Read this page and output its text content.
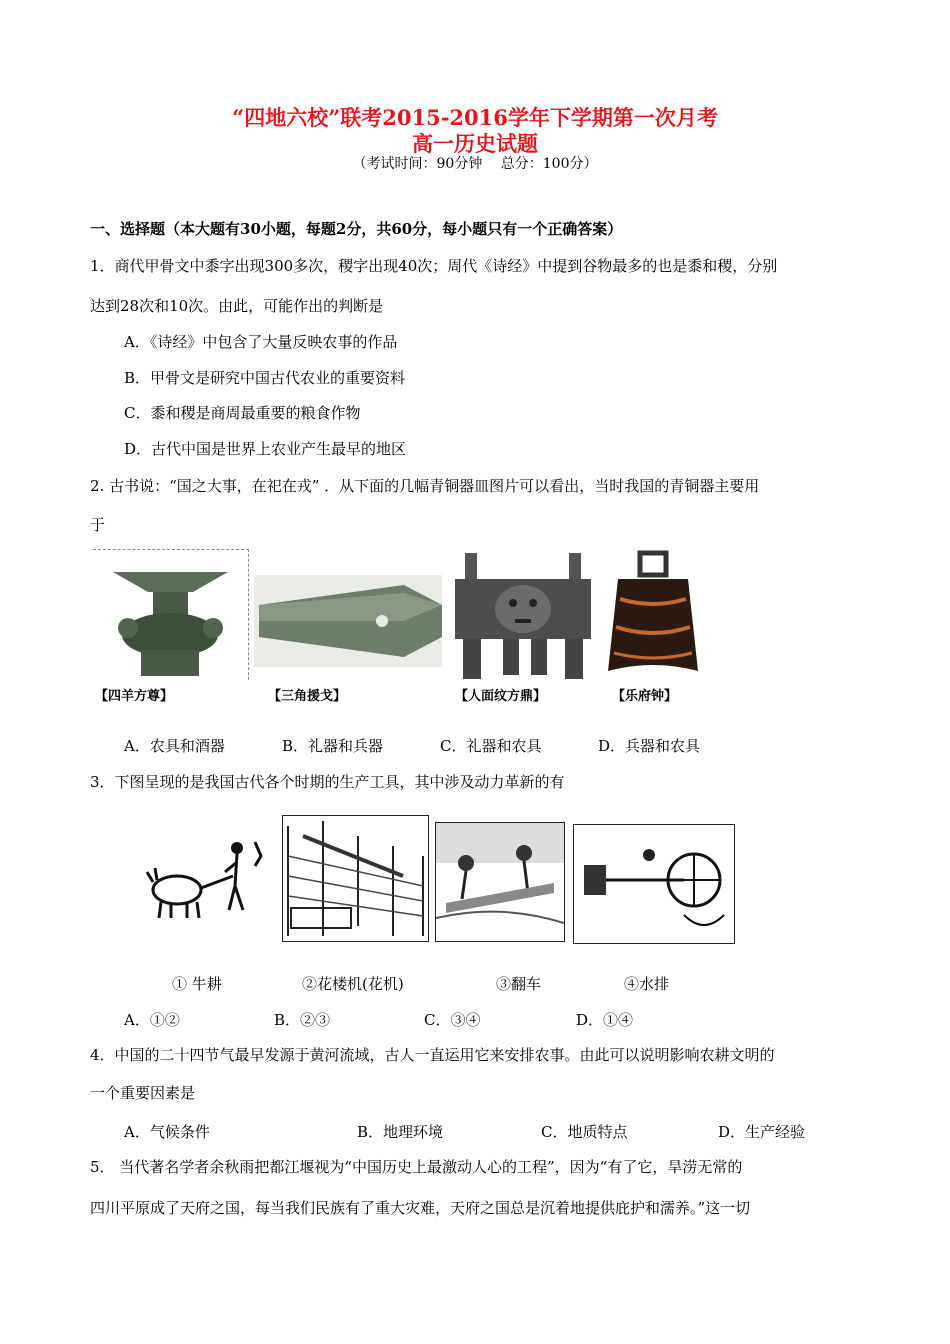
“四地六校”联考2015-2016学年下学期第一次月考
高一历史试题
（考试时间：90分钟　 总分：100分）
一、选择题（本大题有30小题，每题2分，共60分，每小题只有一个正确答案）
1．商代甲骨文中黍字出现300多次，稷字出现40次；周代《诗经》中提到谷物最多的也是黍和稷，分别
达到28次和10次。由此，可能作出的判断是
A．《诗经》中包含了大量反映农事的作品
B．甲骨文是研究中国古代农业的重要资料
C．黍和稷是商周最重要的粮食作物
D．古代中国是世界上农业产生最早的地区
2. 古书说：“国之大事，在祀在戎” ．从下面的几幅青铜器皿图片可以看出，当时我国的青铜器主要用
于
【四羊方尊】	【三角援戈】	【人面纹方鼎】	【乐府钟】
A．农具和酒器	B．礼器和兵器	C．礼器和农具	D．兵器和农具
3．下图呈现的是我国古代各个时期的生产工具，其中涉及动力革新的有
① 牛耕	②花楼机(花机)	③翻车	④水排
A．①②	B．②③	C．③④	D．①④
4．中国的二十四节气最早发源于黄河流域，古人一直运用它来安排农事。由此可以说明影响农耕文明的
一个重要因素是
A．气候条件	B．地理环境	C．地质特点	D．生产经验
5． 当代著名学者余秋雨把都江堰视为“中国历史上最激动人心的工程”，因为“有了它，旱涝无常的
四川平原成了天府之国，每当我们民族有了重大灾难，天府之国总是沉着地提供庇护和濡养。”这一切
